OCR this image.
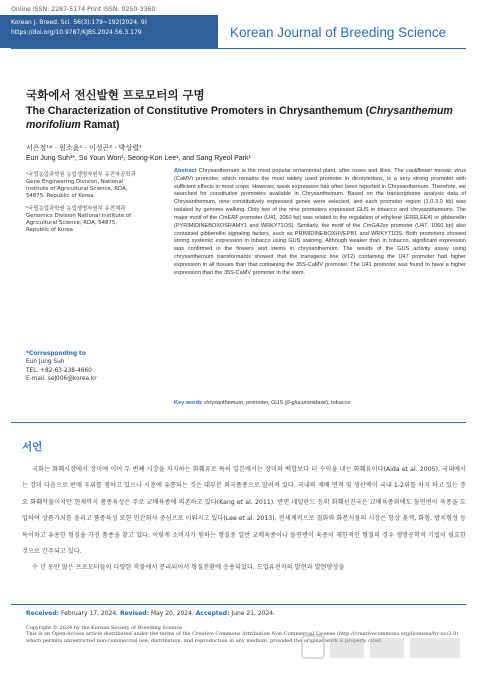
Online ISSN: 2287-5174 Print ISSN: 0250-3360
Korean J. Breed. Sci. 56(3):179~192(2024. 9)
https://doi.org/10.9787/KJBS.2024.56.3.179	Korean Journal of Breeding Science
국화에서 전신발현 프로모터의 구명
The Characterization of Constitutive Promoters in Chrysanthemum (Chrysanthemum morifolium Ramat)
서은정¹* · 원소윤¹ · 이성곤² · 박상렬¹
Eun Jung Suh¹*, So Youn Won¹, Seong-Kon Lee¹, and Sang Ryeol Park¹
¹국립농업과학원 농업생명자원부 유전자공학과 Gene Engineering Division, National Institute of Agricultural Science, RDA, 54875, Republic of Korea
²국립농업과학원 농업생명자원부 유전체과 Genomics Division National Institute of Agricultural Science, RDA, 54875, Republic of Korea
*Corresponding to
Eun Jung Suh
TEL. +82-63-238-4660
E-mail. sej006@korea.kr
Abstract Chrysanthemum is the most popular ornamental plant, after roses and lilies. The cauliflower mosaic virus (CaMV) promoter, which remains the most widely used promoter in dicotyledons, is a very strong promoter with sufficient effects in most crops. However, weak expression has often been reported in Chrysanthemum. Therefore, we searched for constitutive promoters available in Chrysanthemum. Based on the transcriptome analysis data of Chrysanthemum, nine constitutively expressed genes were selected, and each promoter region (1.0-3.0 kb) was isolated by genome walking. Only two of the nine promoters expressed GUS in tobacco and chrysanthemums. The major motif of the CmERF promoter (U41, 2060 bp) was related to the regulation of ethylene (ERELEE4) or gibberellin (PYRIMIDINEBOXOSRAMY1 and WRKY71OS). Similarly, the motif of the CmGA2ox promoter (U47, 1060 bp) also contained gibberellin signaling factors, such as PRIMIDINEBOXHVEPB1 and WRKY71OS. Both promoters showed strong systemic expression in tobacco using GUS staining. Although weaker than in tobacco, significant expression was confirmed in the flowers and stems in chrysanthemum. The results of the GUS activity assay using chrysanthemum transformants showed that the transgenic line (#12) containing the U47 promoter had higher expression in all tissues than that containing the 35S-CaMV promoter. The U41 promoter was found to have a higher expression than the 35S-CaMV promoter in the stem.
Key words chrysanthemum, promoter, GUS (β-glucuronidase), tobacco
서언

국화는 화훼시장에서 장미에 이어 두 번째 시장을 차지하는 화훼류로 특히 일본에서는 장미와 백합보다 더 수익을 내는 화훼류이다(Aida et al. 2005). 국내에서는 장미 다음으로 판매 우위를 점하고 있으나 시중에 유통되는 것은 대부분 외국품종으로 알려져 있다. 국내의 재배 면적 및 생산액이 국내 1-2위를 차지 하고 있는 중요 화훼작물이지만 현재까지 품종육성은 주로 교배육종에 의존하고 있다(Kang et al. 2011). 반면 네덜란드 등의 화훼선진국은 교배육종외에도 돌연변이 육종을 도입하여 상품가치를 올리고 품종육성 또한 민간회사 중심으로 이뤄지고 있다(Lee et al. 2013). 전세계적으로 절화와 화분식물의 시장은 항상 꽃색, 화형, 방치형성 등 특이하고 유용한 형질을 가진 품종을 찾고 있다. 이렇게 소비자가 원하는 형질중 일반 교배육종이나 돌연변이 육종이 제한적인 형질의 경우 생명공학적 기법이 필요한 것으로 간주되고 있다.

수 년 동안 많은 프로모터들이 다양한 작물에서 분리되어서 형질전환에 응용되었다. 도입유전자의 발현과 발현양상을

Received: February 17, 2024. Revised: May 20, 2024. Accepted: June 21, 2024.
Copyright © 2024 by the Korean Society of Breeding Science
This is an Open-Access article distributed under the terms of the Creative Commons Attribution Non-Commercial License (http://creativecommons.org/licenses/by-nc/3.0) which permits unrestricted non-commercial use, distribution, and reproduction in any medium, provided the original work is properly cited.
